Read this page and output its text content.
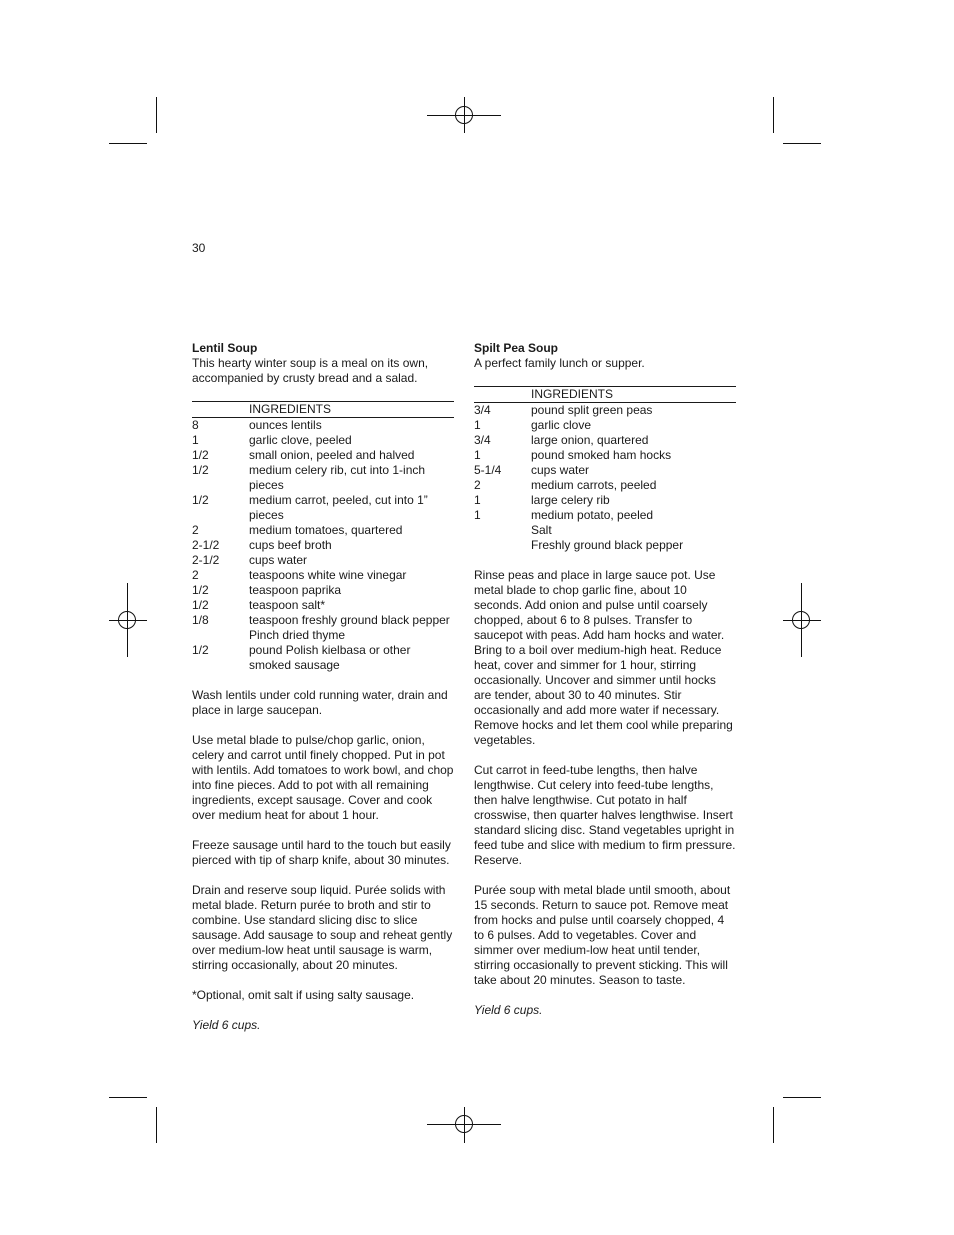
30
Lentil Soup
This hearty winter soup is a meal on its own, accompanied by crusty bread and a salad.
	INGREDIENTS
8	ounces lentils
1	garlic clove, peeled
1/2	small onion, peeled and halved
1/2	medium celery rib, cut into 1-inch pieces
1/2	medium carrot, peeled, cut into 1” pieces
2	medium tomatoes, quartered
2-1/2	cups beef broth
2-1/2	cups water
2	teaspoons white wine vinegar
1/2	teaspoon paprika
1/2	teaspoon salt*
1/8	teaspoon freshly ground black pepper
	Pinch dried thyme
1/2	pound Polish kielbasa or other smoked sausage

Wash lentils under cold running water, drain and place in large saucepan.

Use metal blade to pulse/chop garlic, onion, celery and carrot until finely chopped. Put in pot with lentils. Add tomatoes to work bowl, and chop into fine pieces. Add to pot with all remaining ingredients, except sausage. Cover and cook over medium heat for about 1 hour.

Freeze sausage until hard to the touch but easily pierced with tip of sharp knife, about 30 minutes.

Drain and reserve soup liquid. Purée solids with metal blade. Return purée to broth and stir to combine. Use standard slicing disc to slice sausage. Add sausage to soup and reheat gently over medium-low heat until sausage is warm, stirring occasionally, about 20 minutes.

*Optional, omit salt if using salty sausage.

Yield 6 cups.
Spilt Pea Soup
A perfect family lunch or supper.
	INGREDIENTS
3/4	pound split green peas
1	garlic clove
3/4	large onion, quartered
1	pound smoked ham hocks
5-1/4	cups water
2	medium carrots, peeled
1	large celery rib
1	medium potato, peeled
	Salt
	Freshly ground black pepper

Rinse peas and place in large sauce pot. Use metal blade to chop garlic fine, about 10 seconds. Add onion and pulse until coarsely chopped, about 6 to 8 pulses. Transfer to saucepot with peas. Add ham hocks and water. Bring to a boil over medium-high heat. Reduce heat, cover and simmer for 1 hour, stirring occasionally. Uncover and simmer until hocks are tender, about 30 to 40 minutes. Stir occasionally and add more water if necessary. Remove hocks and let them cool while preparing vegetables.

Cut carrot in feed-tube lengths, then halve lengthwise. Cut celery into feed-tube lengths, then halve lengthwise. Cut potato in half crosswise, then quarter halves lengthwise. Insert standard slicing disc. Stand vegetables upright in feed tube and slice with medium to firm pressure. Reserve.

Purée soup with metal blade until smooth, about 15 seconds. Return to sauce pot. Remove meat from hocks and pulse until coarsely chopped, 4 to 6 pulses. Add to vegetables. Cover and simmer over medium-low heat until tender, stirring occasionally to prevent sticking. This will take about 20 minutes. Season to taste.

Yield 6 cups.
